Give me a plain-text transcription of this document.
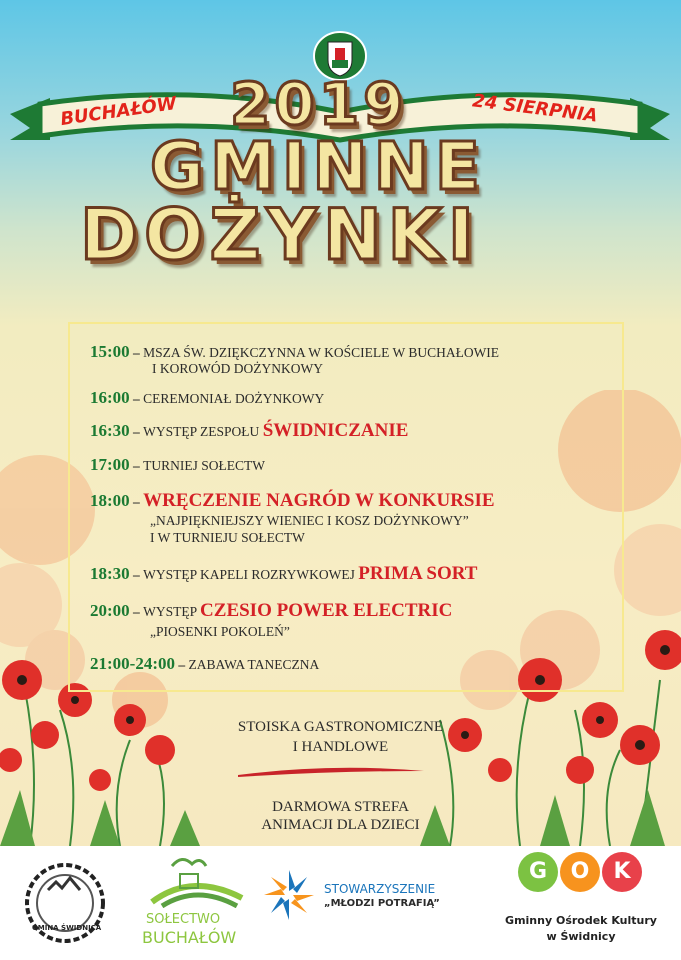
BUCHAŁÓW	24 SIERPNIA
2019
GMINNE
DOŻYNKI
15:00 – MSZA ŚW. DZIĘKCZYNNA W KOŚCIELE W BUCHAŁOWIE
I KOROWÓD DOŻYNKOWY
16:00 – CEREMONIAŁ DOŻYNKOWY
16:30 – WYSTĘP ZESPOŁU ŚWIDNICZANIE
17:00 – TURNIEJ SOŁECTW
18:00 – WRĘCZENIE NAGRÓD W KONKURSIE
„NAJPIĘKNIEJSZY WIENIEC I KOSZ DOŻYNKOWY”
I W TURNIEJU SOŁECTW
18:30 – WYSTĘP KAPELI ROZRYWKOWEJ PRIMA SORT
20:00 – WYSTĘP CZESIO POWER ELECTRIC
„PIOSENKI POKOLEŃ”
21:00-24:00 – ZABAWA TANECZNA
STOISKA GASTRONOMICZNE
I HANDLOWE
DARMOWA STREFA
ANIMACJI DLA DZIECI
GMINA ŚWIDNICA
SOŁECTWO
BUCHAŁÓW
STOWARZYSZENIE
„MŁODZI POTRAFIĄ”
G	O	K
Gminny Ośrodek Kultury
w Świdnicy
